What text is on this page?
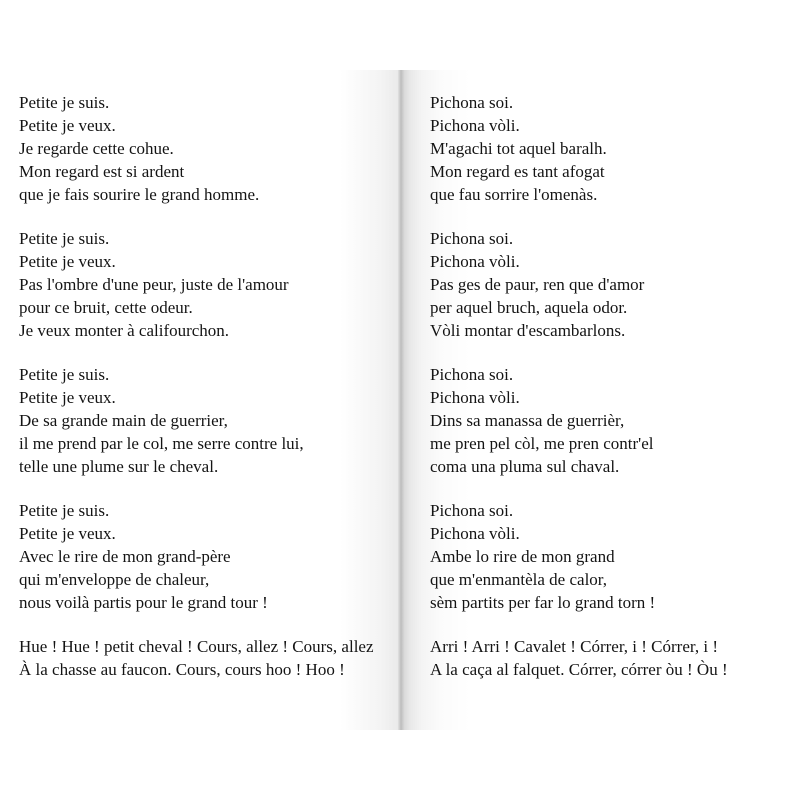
Petite je suis.
Petite je veux.
Je regarde cette cohue.
Mon regard est si ardent
que je fais sourire le grand homme.
Petite je suis.
Petite je veux.
Pas l'ombre d'une peur, juste de l'amour
pour ce bruit, cette odeur.
Je veux monter à califourchon.
Petite je suis.
Petite je veux.
De sa grande main de guerrier,
il me prend par le col, me serre contre lui,
telle une plume sur le cheval.
Petite je suis.
Petite je veux.
Avec le rire de mon grand-père
qui m'enveloppe de chaleur,
nous voilà partis pour le grand tour !
Hue ! Hue ! petit cheval ! Cours, allez ! Cours, allez
À la chasse au faucon. Cours, cours hoo ! Hoo !
Pichona soi.
Pichona vòli.
M'agachi tot aquel baralh.
Mon regard es tant afogat
que fau sorrire l'omenàs.
Pichona soi.
Pichona vòli.
Pas ges de paur, ren que d'amor
per aquel bruch, aquela odor.
Vòli montar d'escambarlons.
Pichona soi.
Pichona vòli.
Dins sa manassa de guerrièr,
me pren pel còl, me pren contr'el
coma una pluma sul chaval.
Pichona soi.
Pichona vòli.
Ambe lo rire de mon grand
que m'enmantèla de calor,
sèm partits per far lo grand torn !
Arri ! Arri ! Cavalet ! Córrer, i ! Córrer, i !
A la caça al falquet. Córrer, córrer òu ! Òu !
